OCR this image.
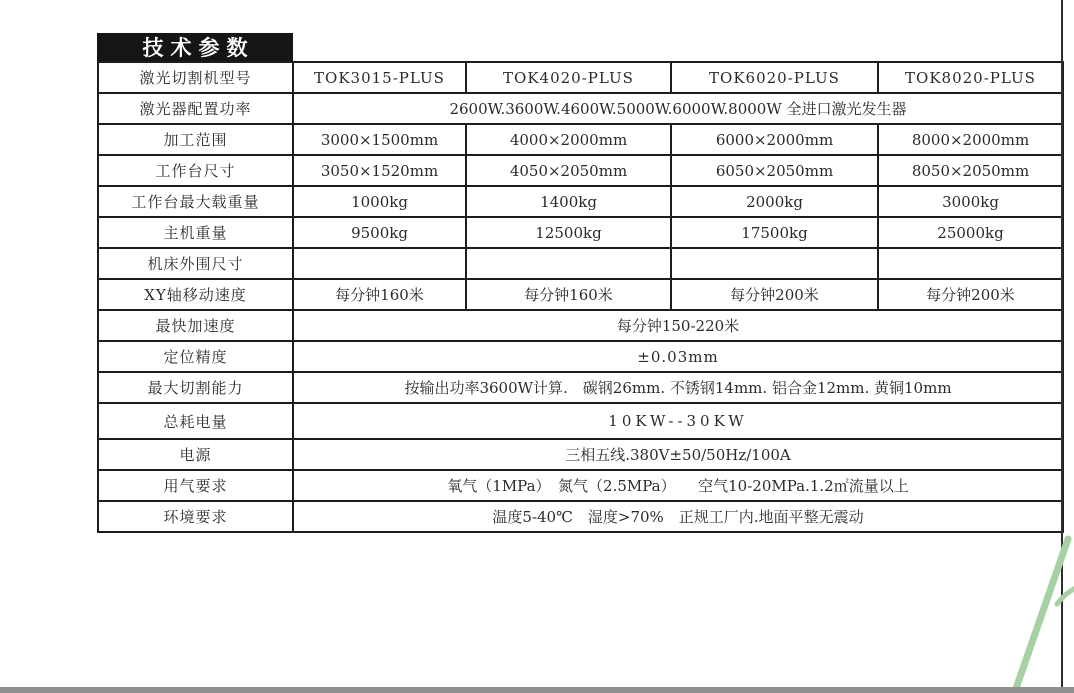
技术参数
激光切割机型号	TOK3015-PLUS	TOK4020-PLUS	TOK6020-PLUS	TOK8020-PLUS
激光器配置功率	2600W.3600W.4600W.5000W.6000W.8000W 全进口激光发生器			
加工范围	3000×1500mm	4000×2000mm	6000×2000mm	8000×2000mm
工作台尺寸	3050×1520mm	4050×2050mm	6050×2050mm	8050×2050mm
工作台最大载重量	1000kg	1400kg	2000kg	3000kg
主机重量	9500kg	12500kg	17500kg	25000kg
机床外围尺寸				
XY轴移动速度	每分钟160米	每分钟160米	每分钟200米	每分钟200米
最快加速度	每分钟150-220米			
定位精度	±0.03mm			
最大切割能力	按输出功率3600W计算.　碳钢26mm. 不锈钢14mm. 铝合金12mm. 黄铜10mm			
总耗电量	10KW--30KW			
电源	三相五线.380V±50/50Hz/100A			
用气要求	氧气（1MPa）　氮气（2.5MPa）　　空气10-20MPa.1.2㎡流量以上			
环境要求	温度5-40℃　湿度>70%　正规工厂内.地面平整无震动			
